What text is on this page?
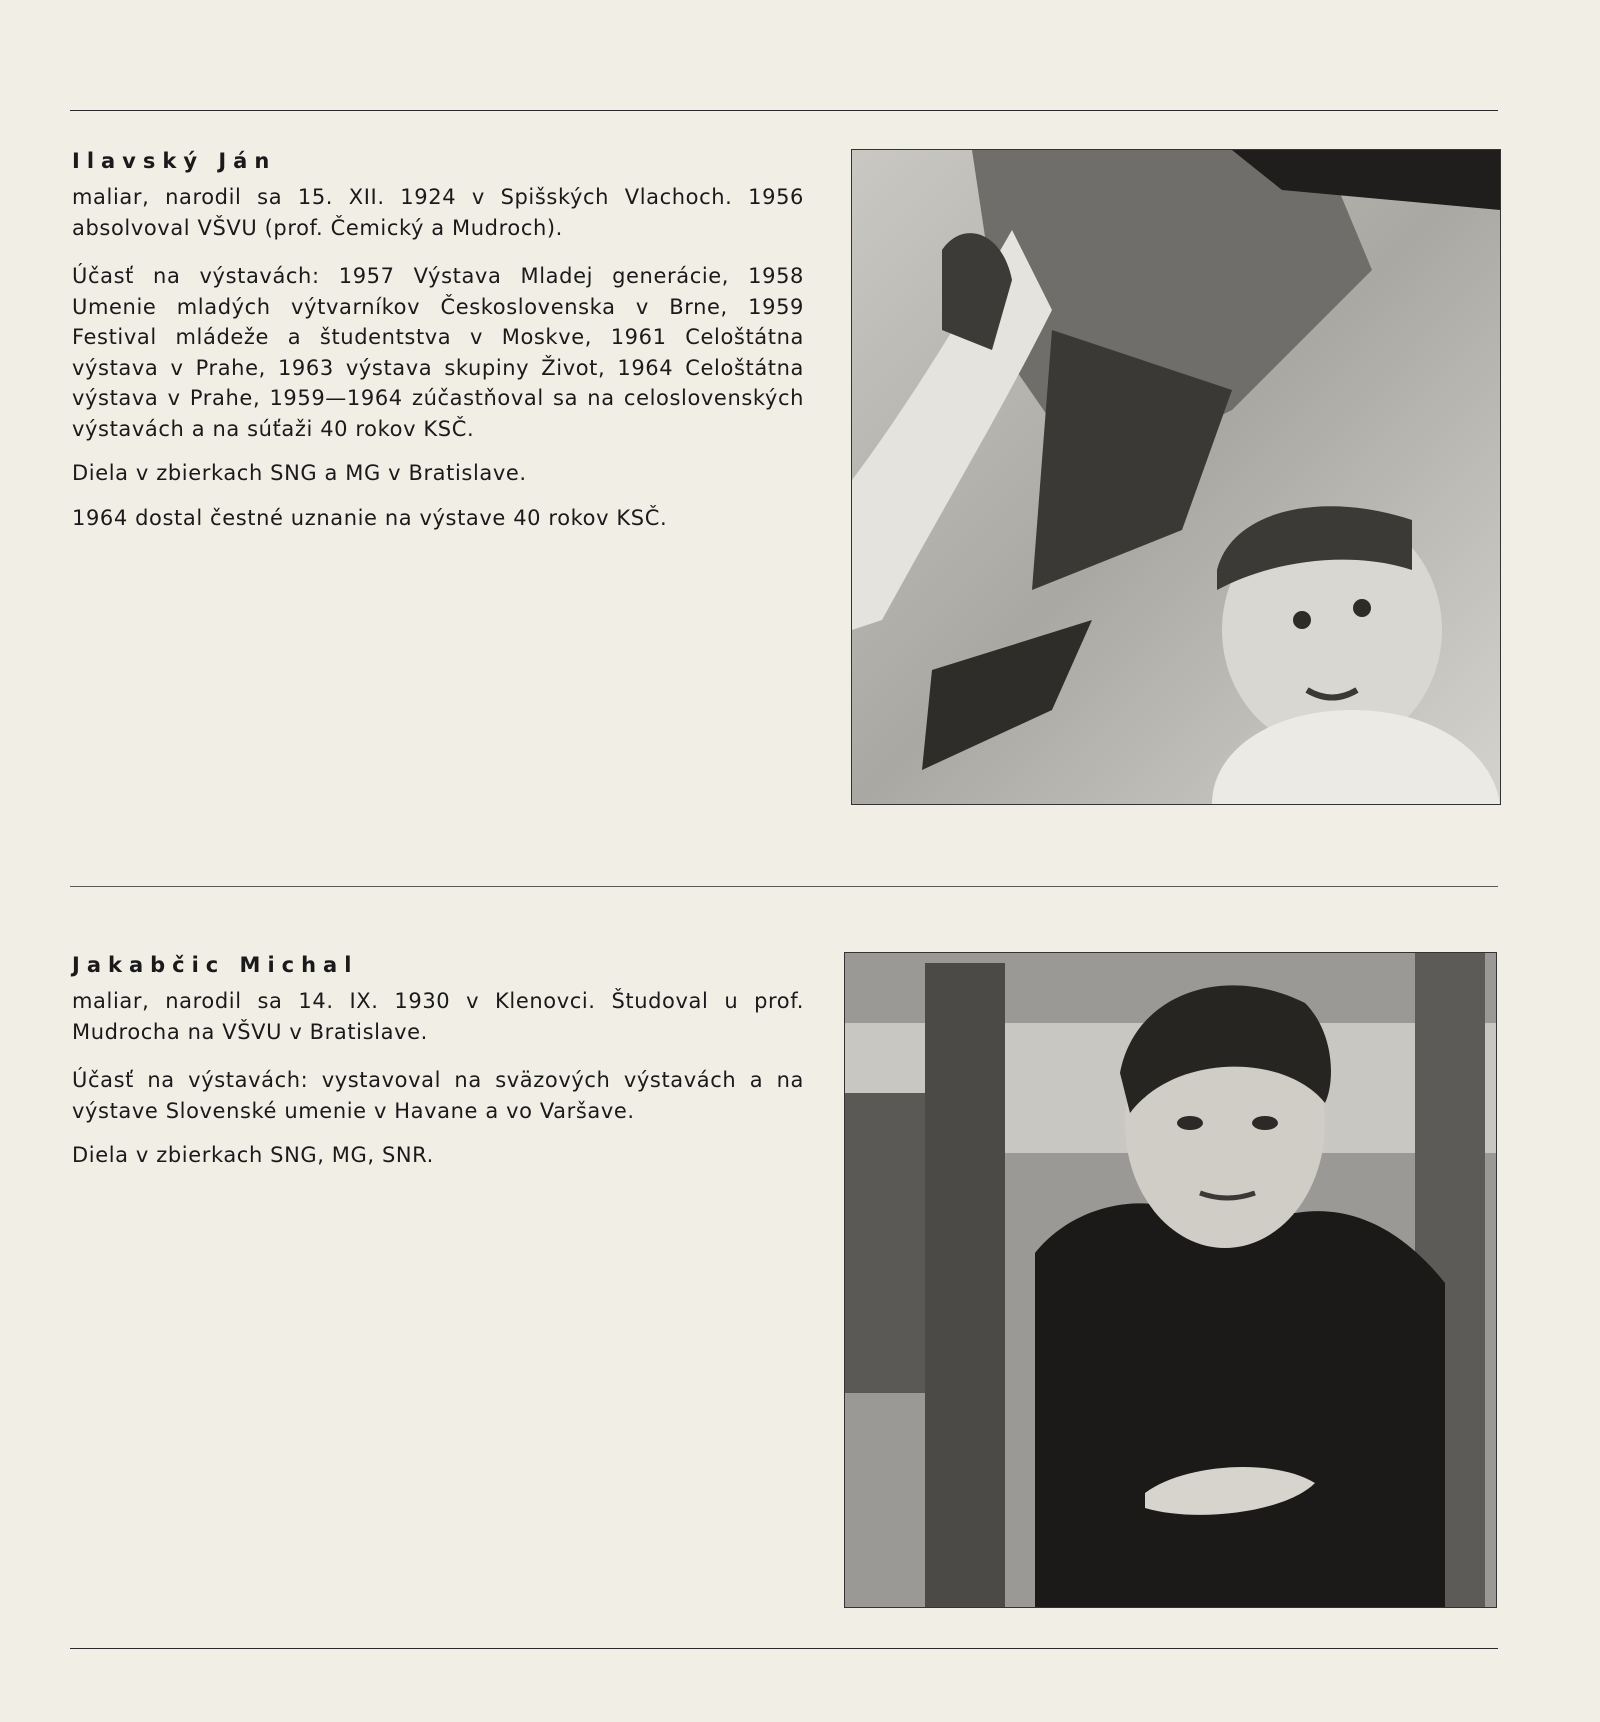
Ilavský Ján

maliar, narodil sa 15. XII. 1924 v Spišských Vlachoch. 1956 absolvoval VŠVU (prof. Čemický a Mudroch).

Účasť na výstavách: 1957 Výstava Mladej generácie, 1958 Umenie mladých výtvarníkov Československa v Brne, 1959 Festival mládeže a študentstva v Moskve, 1961 Celoštátna výstava v Prahe, 1963 výstava skupiny Život, 1964 Celoštátna výstava v Prahe, 1959—1964 zúčastňoval sa na celoslovenských výstavách a na súťaži 40 rokov KSČ.

Diela v zbierkach SNG a MG v Bratislave.

1964 dostal čestné uznanie na výstave 40 rokov KSČ.

Jakabčic Michal

maliar, narodil sa 14. IX. 1930 v Klenovci. Študoval u prof. Mudrocha na VŠVU v Bratislave.

Účasť na výstavách: vystavoval na sväzových výstavách a na výstave Slovenské umenie v Havane a vo Varšave.

Diela v zbierkach SNG, MG, SNR.
